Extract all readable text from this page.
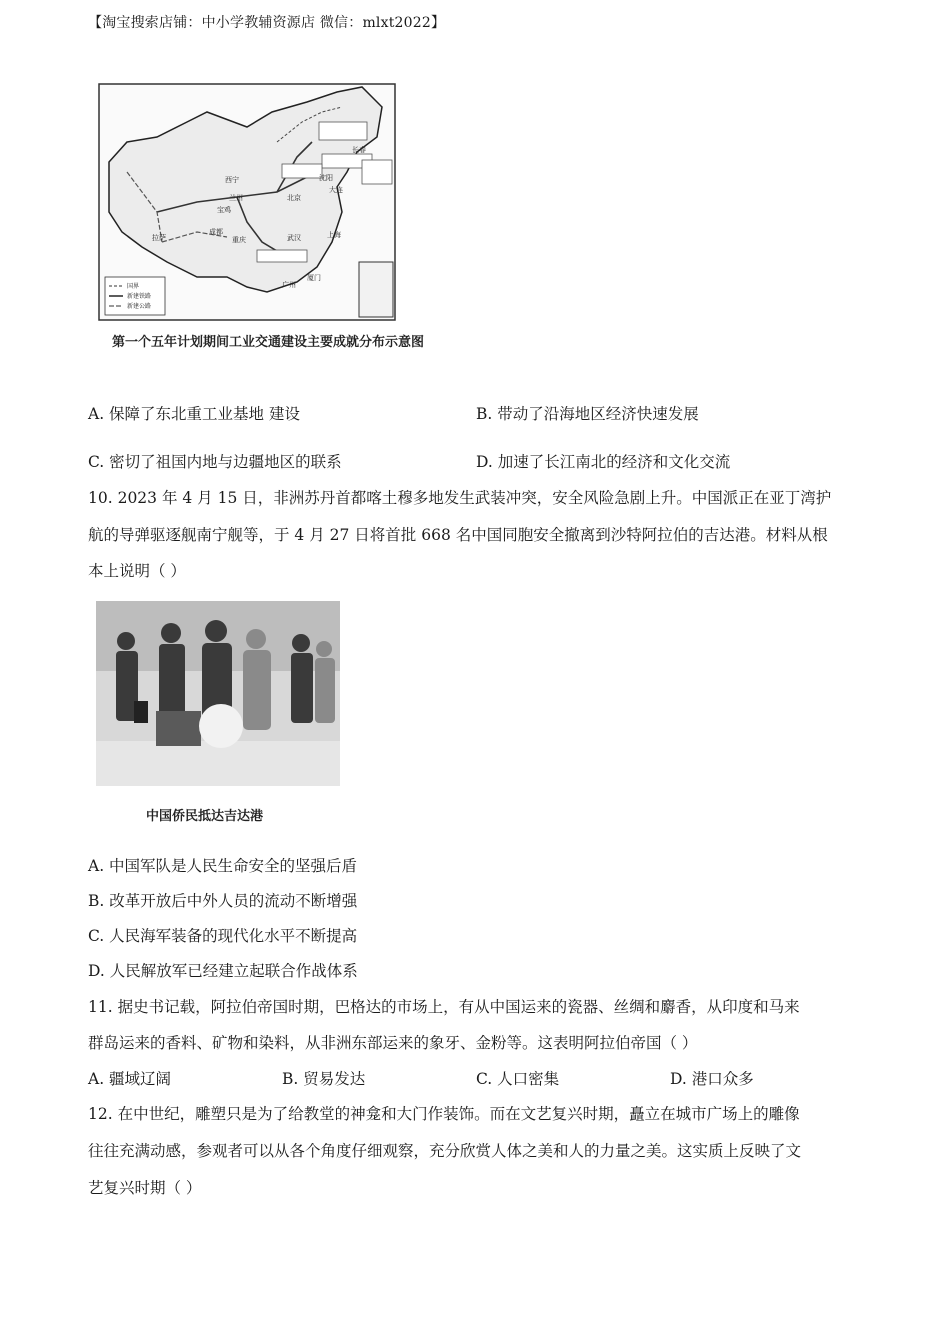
【淘宝搜索店铺：中小学教辅资源店 微信：mlxt2022】
西宁
兰州	北京
沈阳
长春
大连
武汉	上海
宝鸡
成都
重庆
拉萨
厦门
广州
国界
新建铁路
新建公路
第一个五年计划期间工业交通建设主要成就分布示意图
A. 保障了东北重工业基地 建设	B. 带动了沿海地区经济快速发展
C. 密切了祖国内地与边疆地区的联系	D. 加速了长江南北的经济和文化交流
10. 2023 年 4 月 15 日，非洲苏丹首都喀土穆多地发生武装冲突，安全风险急剧上升。中国派正在亚丁湾护
航的导弹驱逐舰南宁舰等，于 4 月 27 日将首批 668 名中国同胞安全撤离到沙特阿拉伯的吉达港。材料从根
本上说明（ ）
中国侨民抵达吉达港
A. 中国军队是人民生命安全的坚强后盾
B. 改革开放后中外人员的流动不断增强
C. 人民海军装备的现代化水平不断提高
D. 人民解放军已经建立起联合作战体系
11. 据史书记载，阿拉伯帝国时期，巴格达的市场上，有从中国运来的瓷器、丝绸和麝香，从印度和马来
群岛运来的香料、矿物和染料，从非洲东部运来的象牙、金粉等。这表明阿拉伯帝国（ ）
A. 疆域辽阔	B. 贸易发达	C. 人口密集	D. 港口众多
12. 在中世纪，雕塑只是为了给教堂的神龛和大门作装饰。而在文艺复兴时期，矗立在城市广场上的雕像
往往充满动感，参观者可以从各个角度仔细观察，充分欣赏人体之美和人的力量之美。这实质上反映了文
艺复兴时期（ ）
